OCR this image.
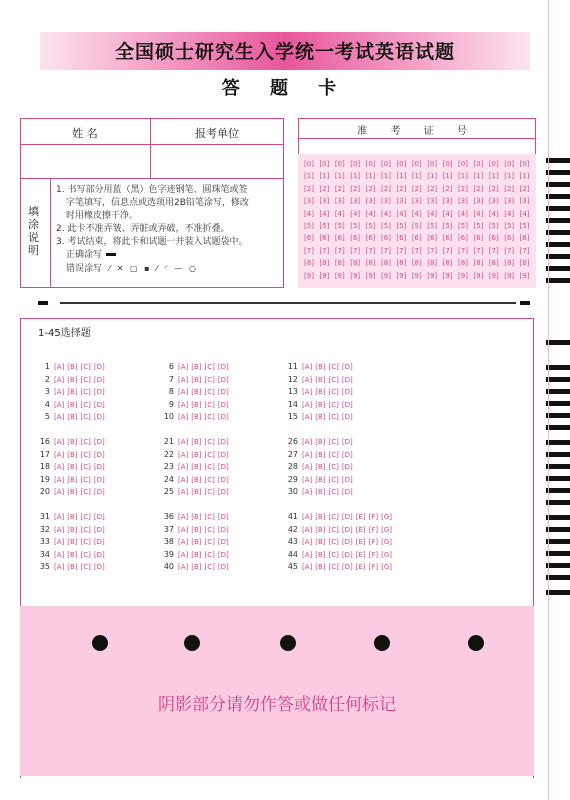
全国硕士研究生入学统一考试英语试题
答 题 卡
姓 名	报考单位
填涂说明
1. 书写部分用蓝（黑）色字迹钢笔、圆珠笔或签
字笔填写，信息点或选项用2B铅笔涂写，修改
时用橡皮擦干净。
2. 此卡不准弄皱、弄脏或弄破，不准折叠。
3. 考试结束，将此卡和试题一并装入试题袋中。
正确涂写
错误涂写 ⁄ ✕ ▢ ▪ ⁄ ⸍ — ○
准 考 证 号
[0]
[1]
[2]
[3]
[4]
[5]
[6]
[7]
[8]
[9]
[0]
[1]
[2]
[3]
[4]
[5]
[6]
[7]
[8]
[9]
[0]
[1]
[2]
[3]
[4]
[5]
[6]
[7]
[8]
[9]
[0]
[1]
[2]
[3]
[4]
[5]
[6]
[7]
[8]
[9]
[0]
[1]
[2]
[3]
[4]
[5]
[6]
[7]
[8]
[9]
[0]
[1]
[2]
[3]
[4]
[5]
[6]
[7]
[8]
[9]
[0]
[1]
[2]
[3]
[4]
[5]
[6]
[7]
[8]
[9]
[0]
[1]
[2]
[3]
[4]
[5]
[6]
[7]
[8]
[9]
[0]
[1]
[2]
[3]
[4]
[5]
[6]
[7]
[8]
[9]
[0]
[1]
[2]
[3]
[4]
[5]
[6]
[7]
[8]
[9]
[0]
[1]
[2]
[3]
[4]
[5]
[6]
[7]
[8]
[9]
[0]
[1]
[2]
[3]
[4]
[5]
[6]
[7]
[8]
[9]
[0]
[1]
[2]
[3]
[4]
[5]
[6]
[7]
[8]
[9]
[0]
[1]
[2]
[3]
[4]
[5]
[6]
[7]
[8]
[9]
[0]
[1]
[2]
[3]
[4]
[5]
[6]
[7]
[8]
[9]
1-45选择题
1 [A] [B] [C] [D]
2 [A] [B] [C] [D]
3 [A] [B] [C] [D]
4 [A] [B] [C] [D]
5 [A] [B] [C] [D]
6 [A] [B] [C] [D]
7 [A] [B] [C] [D]
8 [A] [B] [C] [D]
9 [A] [B] [C] [D]
10 [A] [B] [C] [D]
11 [A] [B] [C] [D]
12 [A] [B] [C] [D]
13 [A] [B] [C] [D]
14 [A] [B] [C] [D]
15 [A] [B] [C] [D]
16 [A] [B] [C] [D]
17 [A] [B] [C] [D]
18 [A] [B] [C] [D]
19 [A] [B] [C] [D]
20 [A] [B] [C] [D]
21 [A] [B] [C] [D]
22 [A] [B] [C] [D]
23 [A] [B] [C] [D]
24 [A] [B] [C] [D]
25 [A] [B] [C] [D]
26 [A] [B] [C] [D]
27 [A] [B] [C] [D]
28 [A] [B] [C] [D]
29 [A] [B] [C] [D]
30 [A] [B] [C] [D]
31 [A] [B] [C] [D]
32 [A] [B] [C] [D]
33 [A] [B] [C] [D]
34 [A] [B] [C] [D]
35 [A] [B] [C] [D]
36 [A] [B] [C] [D]
37 [A] [B] [C] [D]
38 [A] [B] [C] [D]
39 [A] [B] [C] [D]
40 [A] [B] [C] [D]
41 [A] [B] [C] [D] [E] [F] [G]
42 [A] [B] [C] [D] [E] [F] [G]
43 [A] [B] [C] [D] [E] [F] [G]
44 [A] [B] [C] [D] [E] [F] [G]
45 [A] [B] [C] [D] [E] [F] [G]
阴影部分请勿作答或做任何标记
